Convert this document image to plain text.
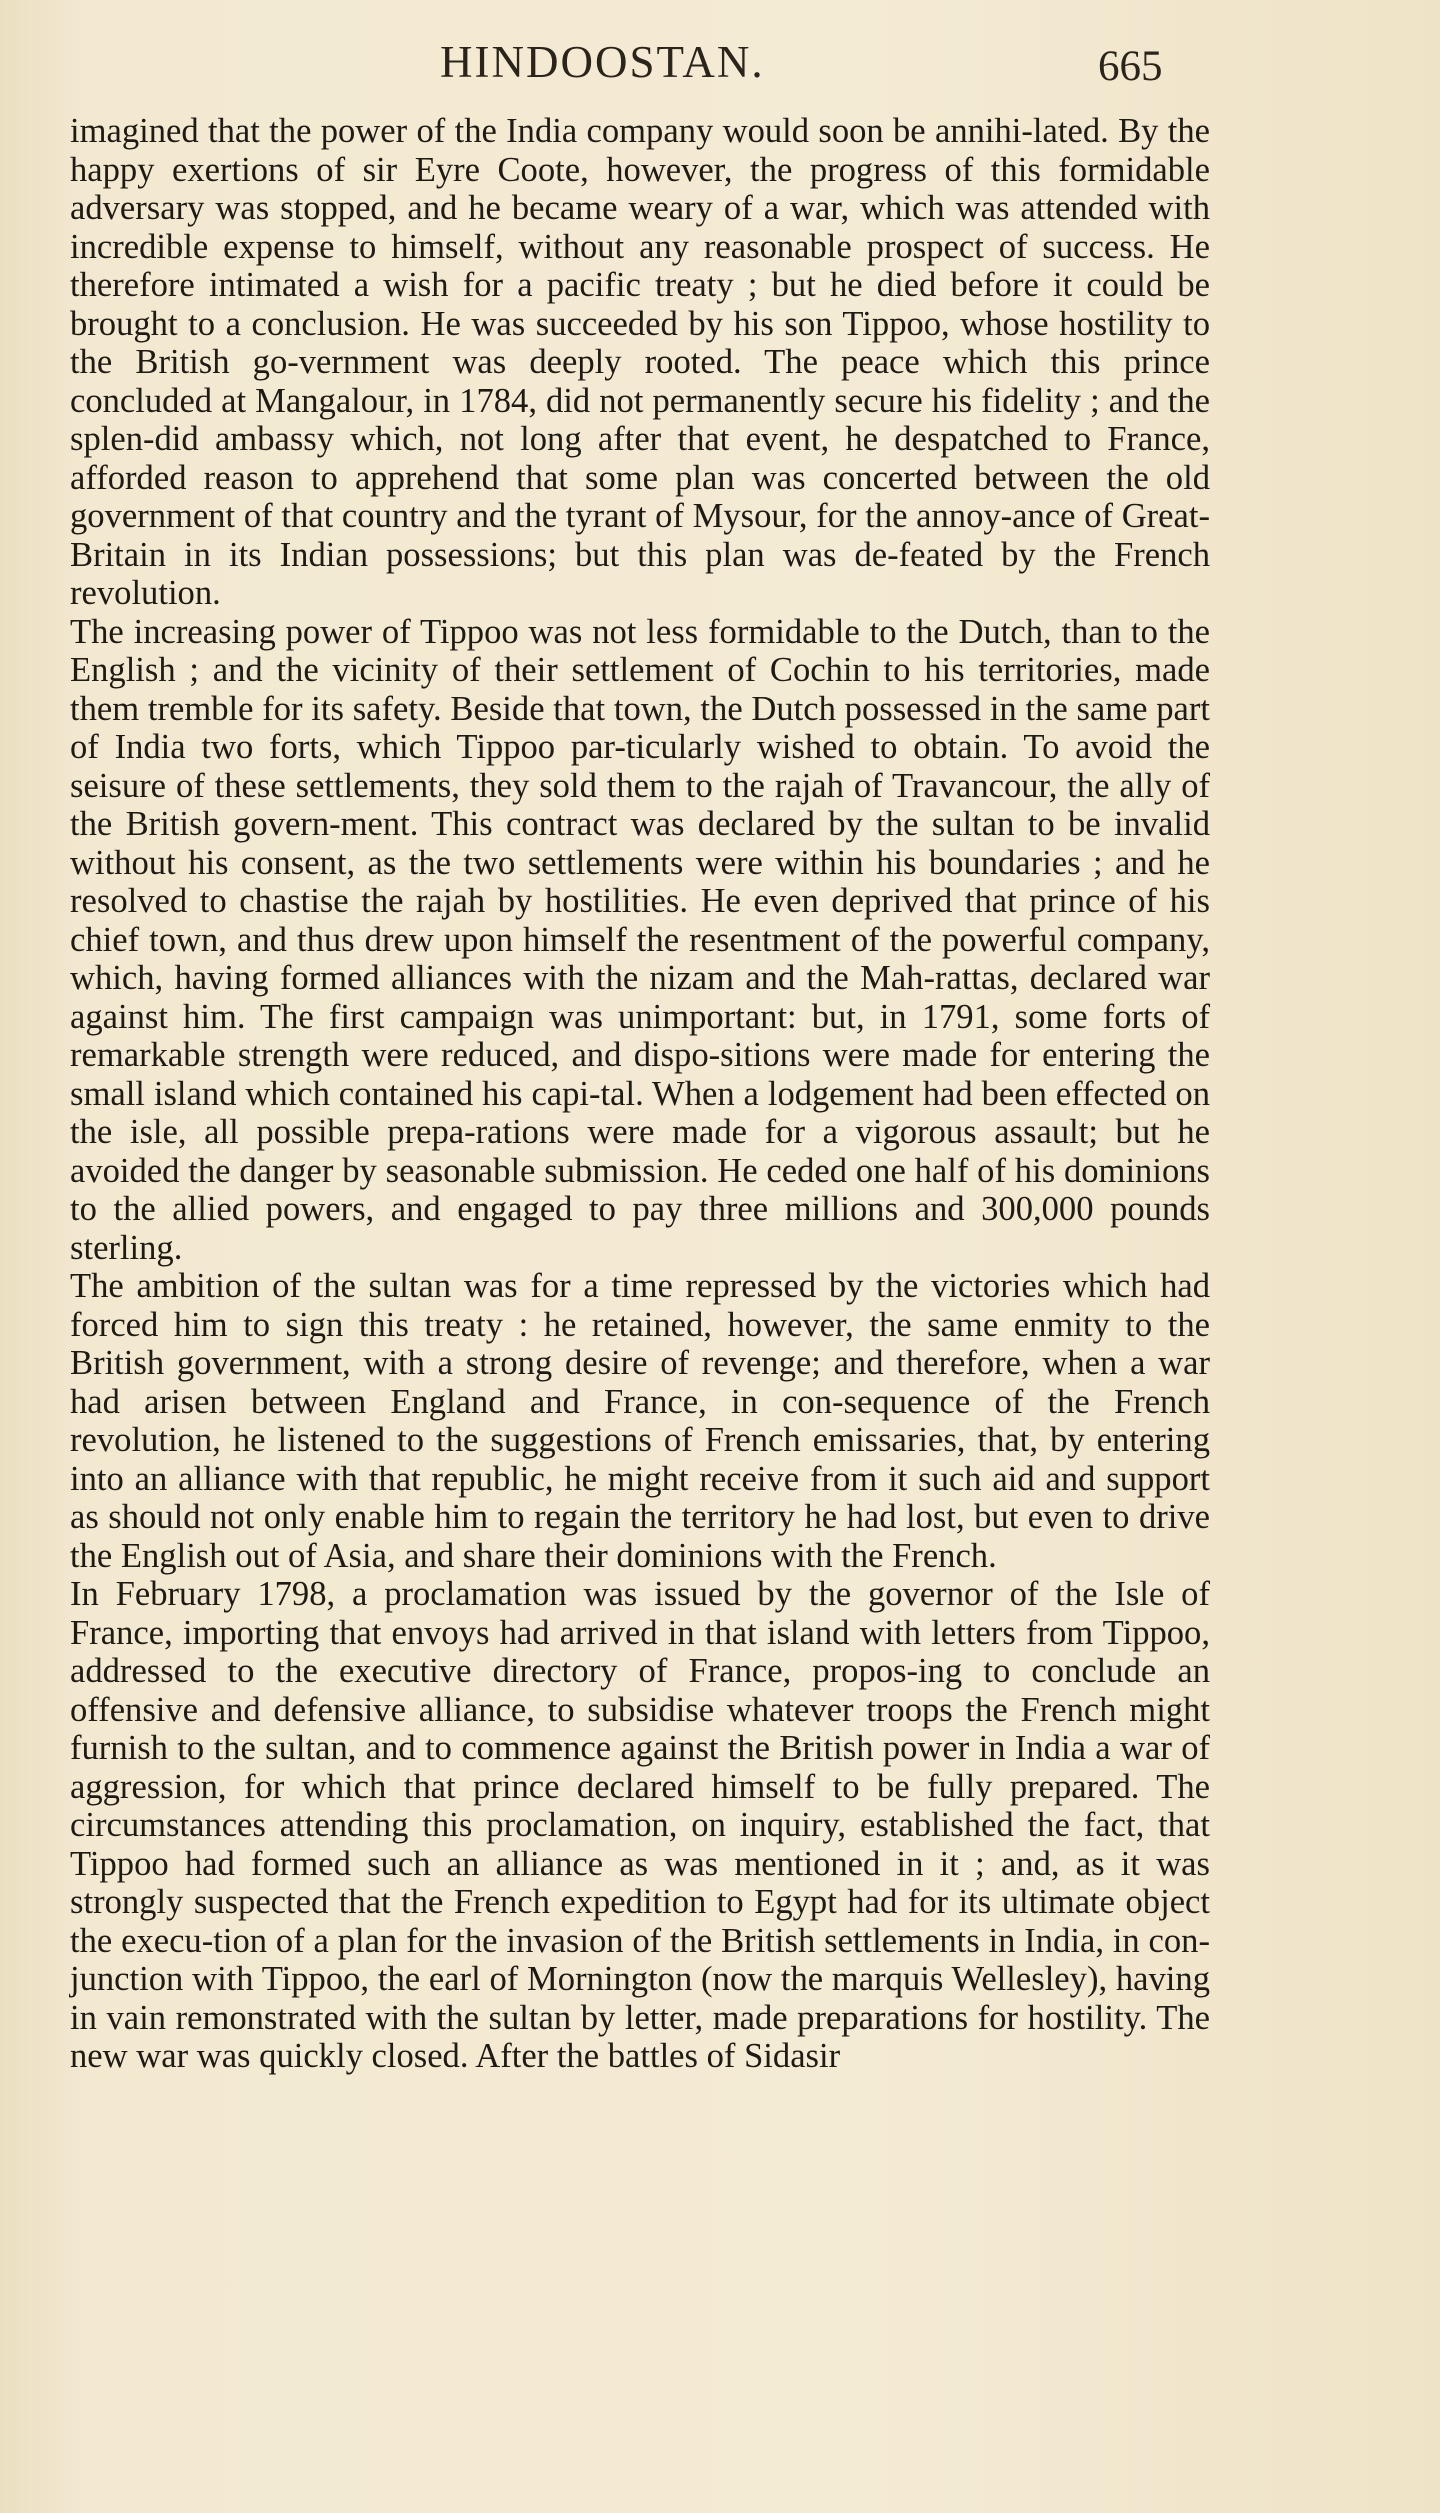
HINDOOSTAN.	665

imagined that the power of the India company would soon be annihi-lated. By the happy exertions of sir Eyre Coote, however, the progress of this formidable adversary was stopped, and he became weary of a war, which was attended with incredible expense to himself, without any reasonable prospect of success. He therefore intimated a wish for a pacific treaty ; but he died before it could be brought to a conclusion. He was succeeded by his son Tippoo, whose hostility to the British go-vernment was deeply rooted. The peace which this prince concluded at Mangalour, in 1784, did not permanently secure his fidelity ; and the splen-did ambassy which, not long after that event, he despatched to France, afforded reason to apprehend that some plan was concerted between the old government of that country and the tyrant of Mysour, for the annoy-ance of Great-Britain in its Indian possessions; but this plan was de-feated by the French revolution.

The increasing power of Tippoo was not less formidable to the Dutch, than to the English ; and the vicinity of their settlement of Cochin to his territories, made them tremble for its safety. Beside that town, the Dutch possessed in the same part of India two forts, which Tippoo par-ticularly wished to obtain. To avoid the seisure of these settlements, they sold them to the rajah of Travancour, the ally of the British govern-ment. This contract was declared by the sultan to be invalid without his consent, as the two settlements were within his boundaries ; and he resolved to chastise the rajah by hostilities. He even deprived that prince of his chief town, and thus drew upon himself the resentment of the powerful company, which, having formed alliances with the nizam and the Mah-rattas, declared war against him. The first campaign was unimportant: but, in 1791, some forts of remarkable strength were reduced, and dispo-sitions were made for entering the small island which contained his capi-tal. When a lodgement had been effected on the isle, all possible prepa-rations were made for a vigorous assault; but he avoided the danger by seasonable submission. He ceded one half of his dominions to the allied powers, and engaged to pay three millions and 300,000 pounds sterling.

The ambition of the sultan was for a time repressed by the victories which had forced him to sign this treaty : he retained, however, the same enmity to the British government, with a strong desire of revenge; and therefore, when a war had arisen between England and France, in con-sequence of the French revolution, he listened to the suggestions of French emissaries, that, by entering into an alliance with that republic, he might receive from it such aid and support as should not only enable him to regain the territory he had lost, but even to drive the English out of Asia, and share their dominions with the French.

In February 1798, a proclamation was issued by the governor of the Isle of France, importing that envoys had arrived in that island with letters from Tippoo, addressed to the executive directory of France, propos-ing to conclude an offensive and defensive alliance, to subsidise whatever troops the French might furnish to the sultan, and to commence against the British power in India a war of aggression, for which that prince declared himself to be fully prepared. The circumstances attending this proclamation, on inquiry, established the fact, that Tippoo had formed such an alliance as was mentioned in it ; and, as it was strongly suspected that the French expedition to Egypt had for its ultimate object the execu-tion of a plan for the invasion of the British settlements in India, in con-junction with Tippoo, the earl of Mornington (now the marquis Wellesley), having in vain remonstrated with the sultan by letter, made preparations for hostility. The new war was quickly closed. After the battles of Sidasir
